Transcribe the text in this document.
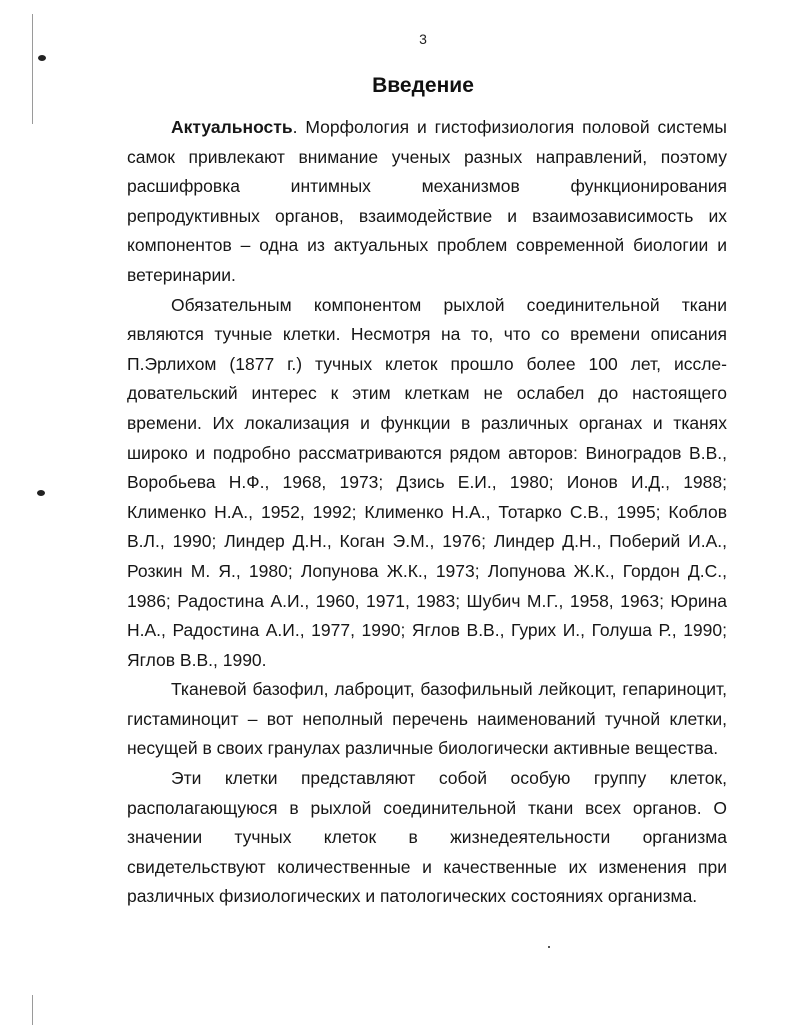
3
Введение

Актуальность. Морфология и гистофизиология половой системы самок привлекают внимание ученых разных направлений, поэтому расшифровка интимных механизмов функционирования репродуктивных органов, взаимодействие и взаимозависимость их компонентов – одна из актуальных проблем современной биологии и ветеринарии.

Обязательным компонентом рыхлой соединительной ткани являются тучные клетки. Несмотря на то, что со времени описания П.Эрлихом (1877 г.) тучных клеток прошло более 100 лет, исследовательский интерес к этим клеткам не ослабел до настоящего времени. Их локализация и функции в различных органах и тканях широко и подробно рассматриваются рядом авторов: Виноградов В.В., Воробьева Н.Ф., 1968, 1973; Дзись Е.И., 1980; Ионов И.Д., 1988; Клименко Н.А., 1952, 1992; Клименко Н.А., Тотарко С.В., 1995; Коблов В.Л., 1990; Линдер Д.Н., Коган Э.М., 1976; Линдер Д.Н., Поберий И.А., Розкин М. Я., 1980; Лопунова Ж.К., 1973; Лопунова Ж.К., Гордон Д.С., 1986; Радостина А.И., 1960, 1971, 1983; Шубич М.Г., 1958, 1963; Юрина Н.А., Радостина А.И., 1977, 1990; Яглов В.В., Гурих И., Голуша Р., 1990; Яглов В.В., 1990.

Тканевой базофил, лаброцит, базофильный лейкоцит, гепариноцит, гистаминоцит – вот неполный перечень наименований тучной клетки, несущей в своих гранулах различные биологически активные вещества.

Эти клетки представляют собой особую группу клеток, располагающуюся в рыхлой соединительной ткани всех органов. О значении тучных клеток в жизнедеятельности организма свидетельствуют количественные и качественные их изменения при различных физиологических и патологических состояниях организма.
